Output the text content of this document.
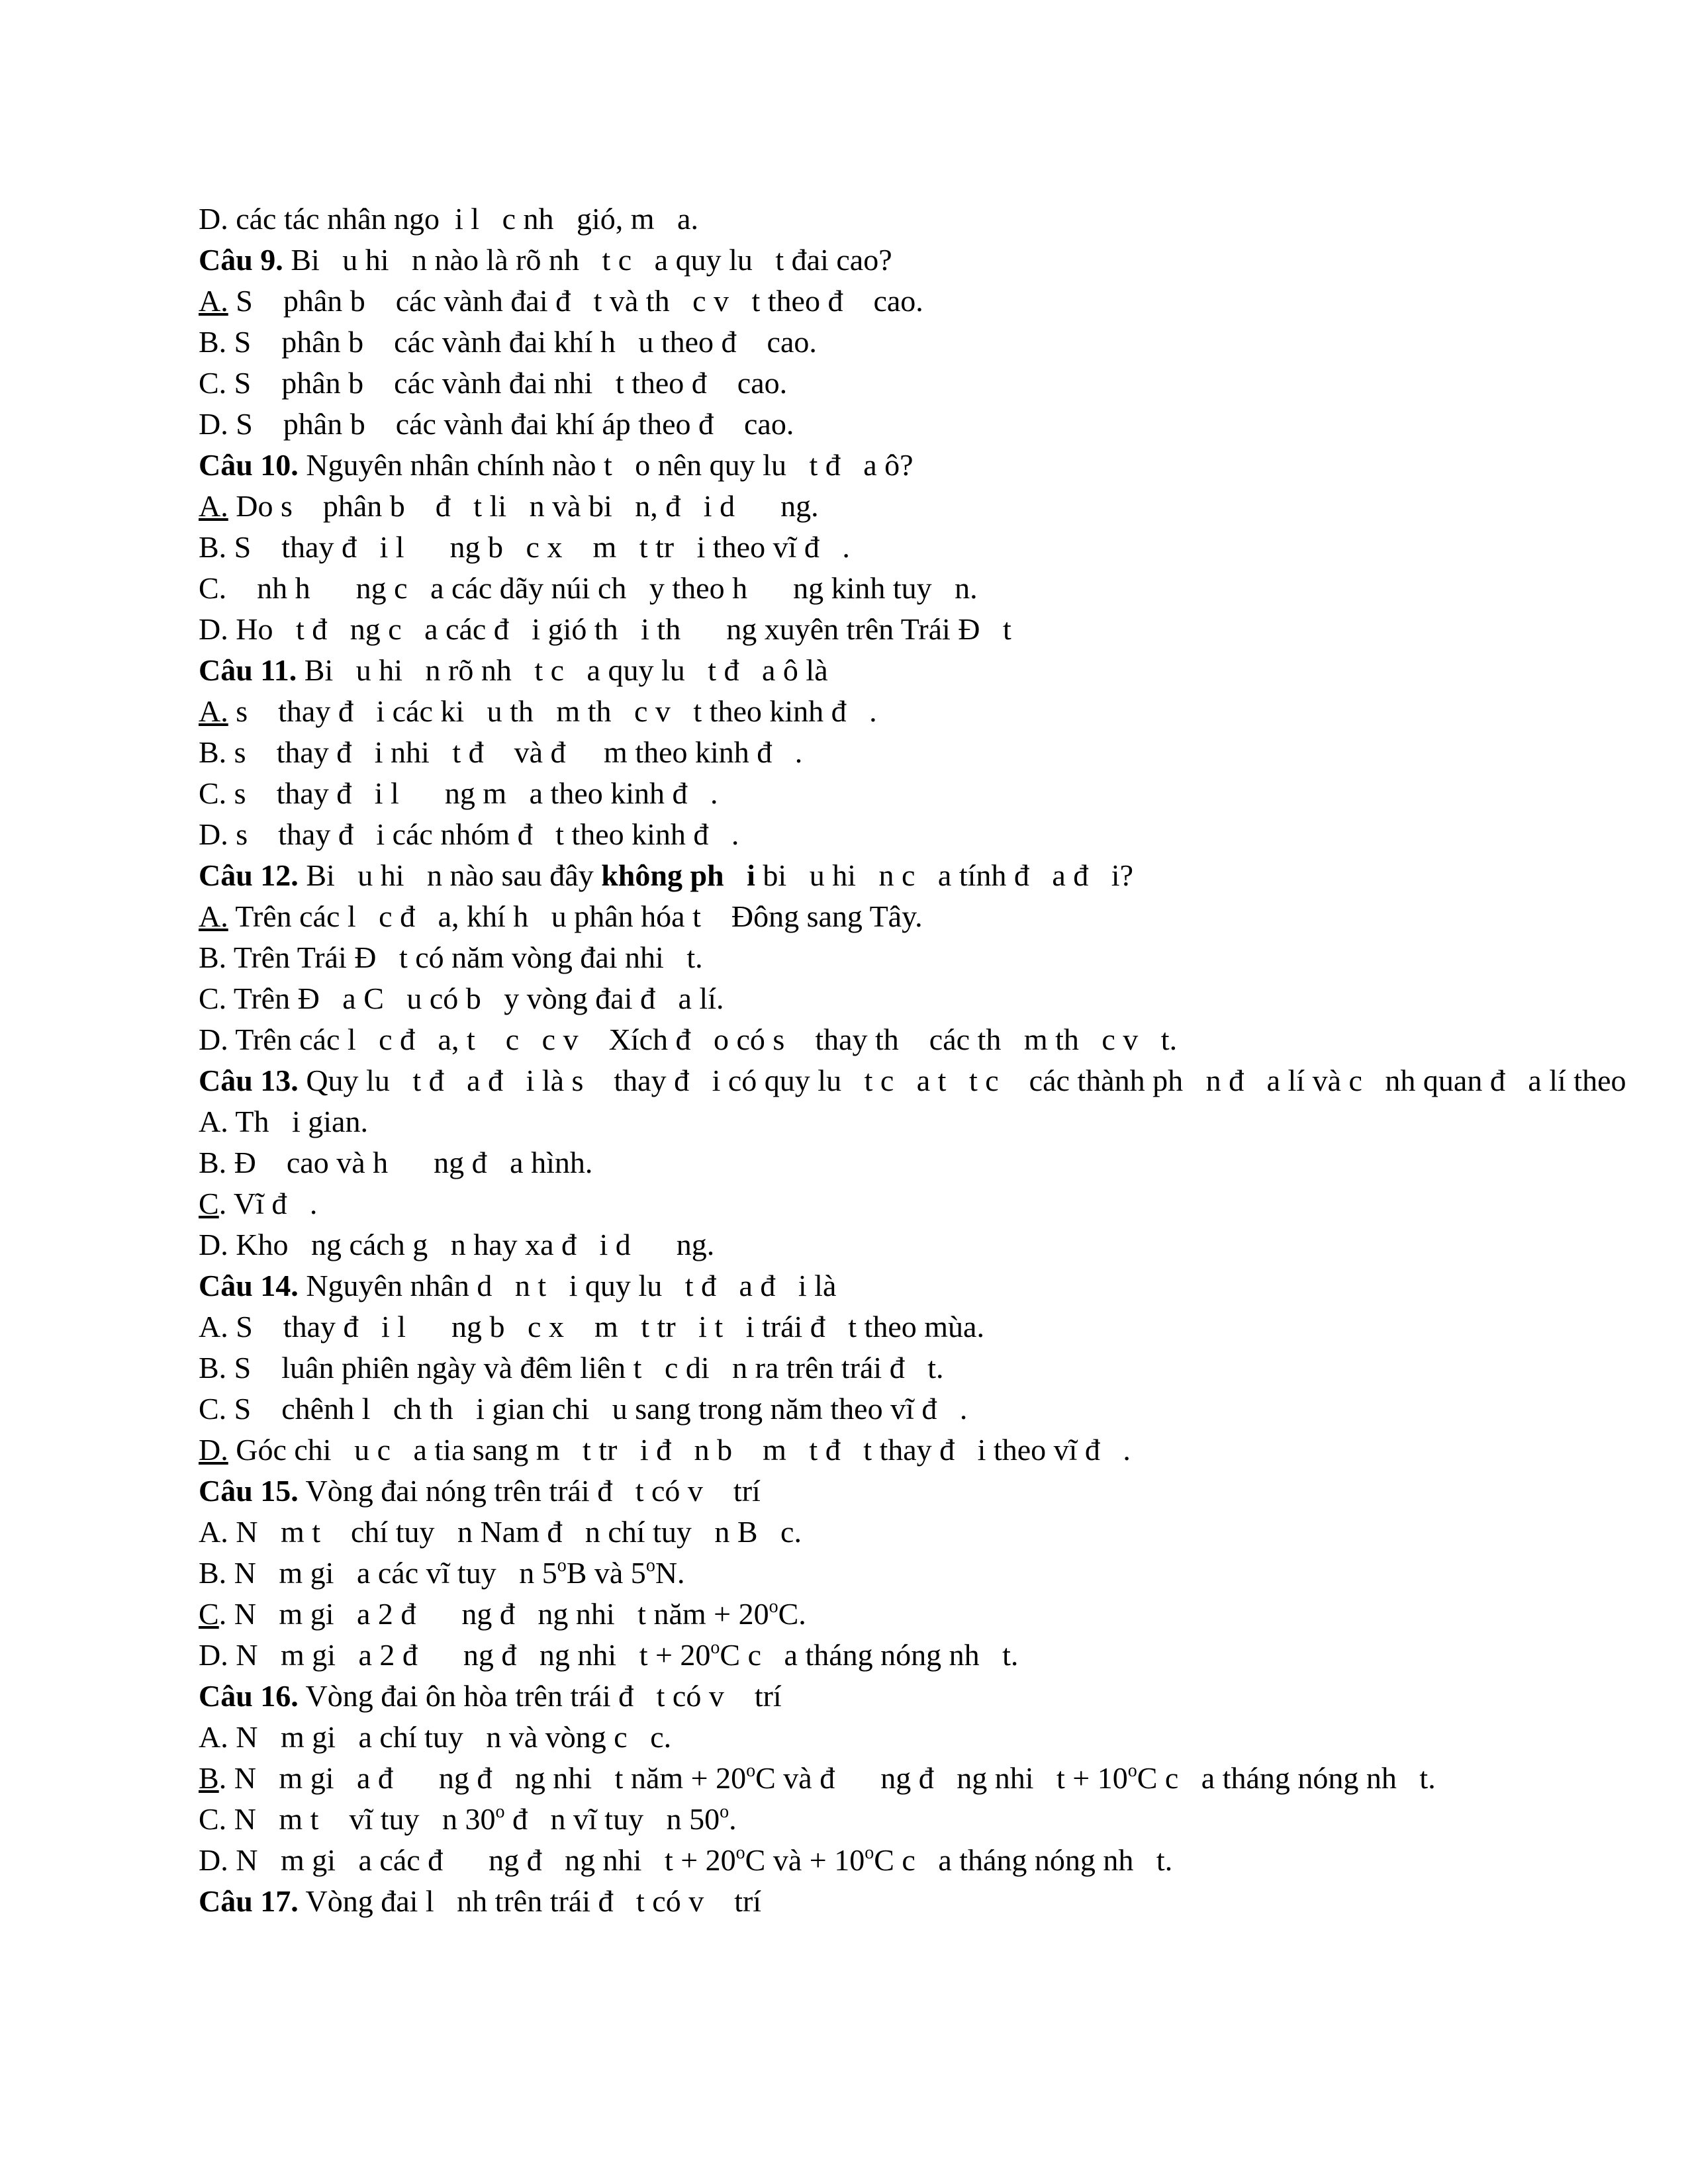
D. các tác nhân ngo  i l   c nh   gió, m   a.
Câu 9. Bi   u hi   n nào là rõ nh   t c   a quy lu   t đai cao?
A. S    phân b    các vành đai đ   t và th   c v   t theo đ    cao.
B. S    phân b    các vành đai khí h   u theo đ    cao.
C. S    phân b    các vành đai nhi   t theo đ    cao.
D. S    phân b    các vành đai khí áp theo đ    cao.
Câu 10. Nguyên nhân chính nào t   o nên quy lu   t đ   a ô?
A. Do s    phân b    đ   t li   n và bi   n, đ   i d      ng.
B. S    thay đ   i l      ng b   c x    m   t tr   i theo vĩ đ   .
C.    nh h      ng c   a các dãy núi ch   y theo h      ng kinh tuy   n.
D. Ho   t đ   ng c   a các đ   i gió th   i th      ng xuyên trên Trái Đ   t
Câu 11. Bi   u hi   n rõ nh   t c   a quy lu   t đ   a ô là
A. s    thay đ   i các ki   u th   m th   c v   t theo kinh đ   .
B. s    thay đ   i nhi   t đ    và đ     m theo kinh đ   .
C. s    thay đ   i l      ng m   a theo kinh đ   .
D. s    thay đ   i các nhóm đ   t theo kinh đ   .
Câu 12. Bi   u hi   n nào sau đây không ph   i bi   u hi   n c   a tính đ   a đ   i?
A. Trên các l   c đ   a, khí h   u phân hóa t    Đông sang Tây.
B. Trên Trái Đ   t có năm vòng đai nhi   t.
C. Trên Đ   a C   u có b   y vòng đai đ   a lí.
D. Trên các l   c đ   a, t    c   c v    Xích đ   o có s    thay th    các th   m th   c v   t.
Câu 13. Quy lu   t đ   a đ   i là s    thay đ   i có quy lu   t c   a t   t c    các thành ph   n đ   a lí và c   nh quan đ   a lí theo
A. Th   i gian.
B. Đ    cao và h      ng đ   a hình.
C. Vĩ đ   .
D. Kho   ng cách g   n hay xa đ   i d      ng.
Câu 14. Nguyên nhân d   n t   i quy lu   t đ   a đ   i là
A. S    thay đ   i l      ng b   c x    m   t tr   i t   i trái đ   t theo mùa.
B. S    luân phiên ngày và đêm liên t   c di   n ra trên trái đ   t.
C. S    chênh l   ch th   i gian chi   u sang trong năm theo vĩ đ   .
D. Góc chi   u c   a tia sang m   t tr   i đ   n b    m   t đ   t thay đ   i theo vĩ đ   .
Câu 15. Vòng đai nóng trên trái đ   t có v    trí
A. N   m t    chí tuy   n Nam đ   n chí tuy   n B   c.
B. N   m gi   a các vĩ tuy   n 5$^o$B và 5$^o$N.
C. N   m gi   a 2 đ      ng đ   ng nhi   t năm + $20^oC$.
D. N   m gi   a 2 đ      ng đ   ng nhi   $t + 20^oC$ c   a tháng nóng nh   t.
Câu 16. Vòng đai ôn hòa trên trái đ   t có v    trí
A. N   m gi   a chí tuy   n và vòng c   c.
B. N   m gi   a đ      ng đ   ng nhi   t năm + $20^oC$ và đ      ng đ   ng nhi   $t + 10^oC$ c   a tháng nóng nh   t.
C. N   m t    vĩ tuy   n 30$^o$ đ   n vĩ tuy   n 50$^o$.
D. N   m gi   a các đ      ng đ   ng nhi   $t + 20^oC$ và + $10^oC$ c   a tháng nóng nh   t.
Câu 17. Vòng đai l   nh trên trái đ   t có v    trí
